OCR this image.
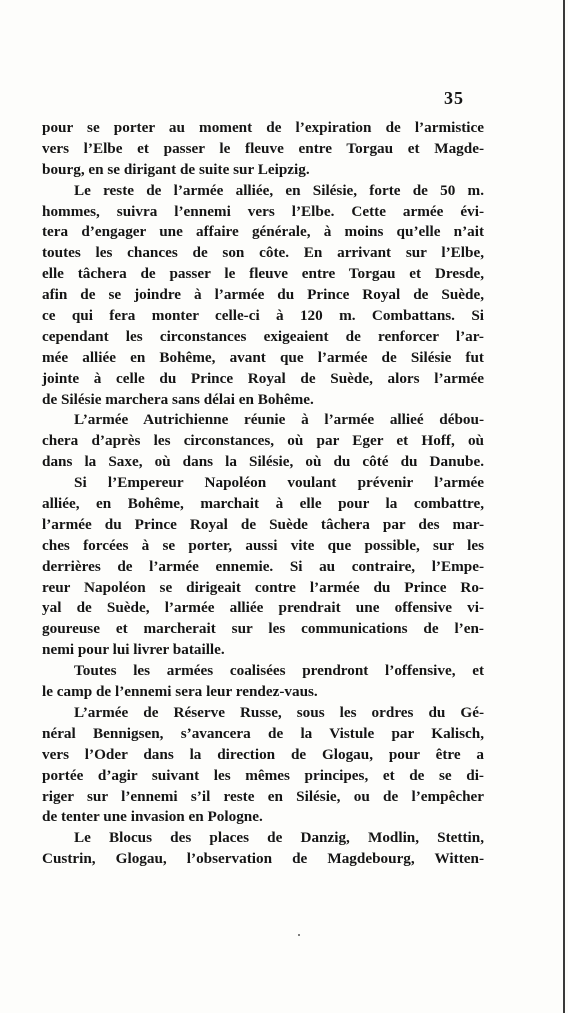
35
pour se porter au moment de l’expiration de l’armistice
vers l’Elbe et passer le fleuve entre Torgau et Magde-
bourg, en se dirigant de suite sur Leipzig.
Le reste de l’armée alliée, en Silésie, forte de 50 m.
hommes, suivra l’ennemi vers l’Elbe. Cette armée évi-
tera d’engager une affaire générale, à moins qu’elle n’ait
toutes les chances de son côte. En arrivant sur l’Elbe,
elle tâchera de passer le fleuve entre Torgau et Dresde,
afin de se joindre à l’armée du Prince Royal de Suède,
ce qui fera monter celle-ci à 120 m. Combattans. Si
cependant les circonstances exigeaient de renforcer l’ar-
mée alliée en Bohême, avant que l’armée de Silésie fut
jointe à celle du Prince Royal de Suède, alors l’armée
de Silésie marchera sans délai en Bohême.
L’armée Autrichienne réunie à l’armée allieé débou-
chera d’après les circonstances, où par Eger et Hoff, où
dans la Saxe, où dans la Silésie, où du côté du Danube.
Si l’Empereur Napoléon voulant prévenir l’armée
alliée, en Bohême, marchait à elle pour la combattre,
l’armée du Prince Royal de Suède tâchera par des mar-
ches forcées à se porter, aussi vite que possible, sur les
derrières de l’armée ennemie. Si au contraire, l’Empe-
reur Napoléon se dirigeait contre l’armée du Prince Ro-
yal de Suède, l’armée alliée prendrait une offensive vi-
goureuse et marcherait sur les communications de l’en-
nemi pour lui livrer bataille.
Toutes les armées coalisées prendront l’offensive, et
le camp de l’ennemi sera leur rendez-vaus.
L’armée de Réserve Russe, sous les ordres du Gé-
néral Bennigsen, s’avancera de la Vistule par Kalisch,
vers l’Oder dans la direction de Glogau, pour être a
portée d’agir suivant les mêmes principes, et de se di-
riger sur l’ennemi s’il reste en Silésie, ou de l’empêcher
de tenter une invasion en Pologne.
Le Blocus des places de Danzig, Modlin, Stettin,
Custrin, Glogau, l’observation de Magdebourg, Witten-
